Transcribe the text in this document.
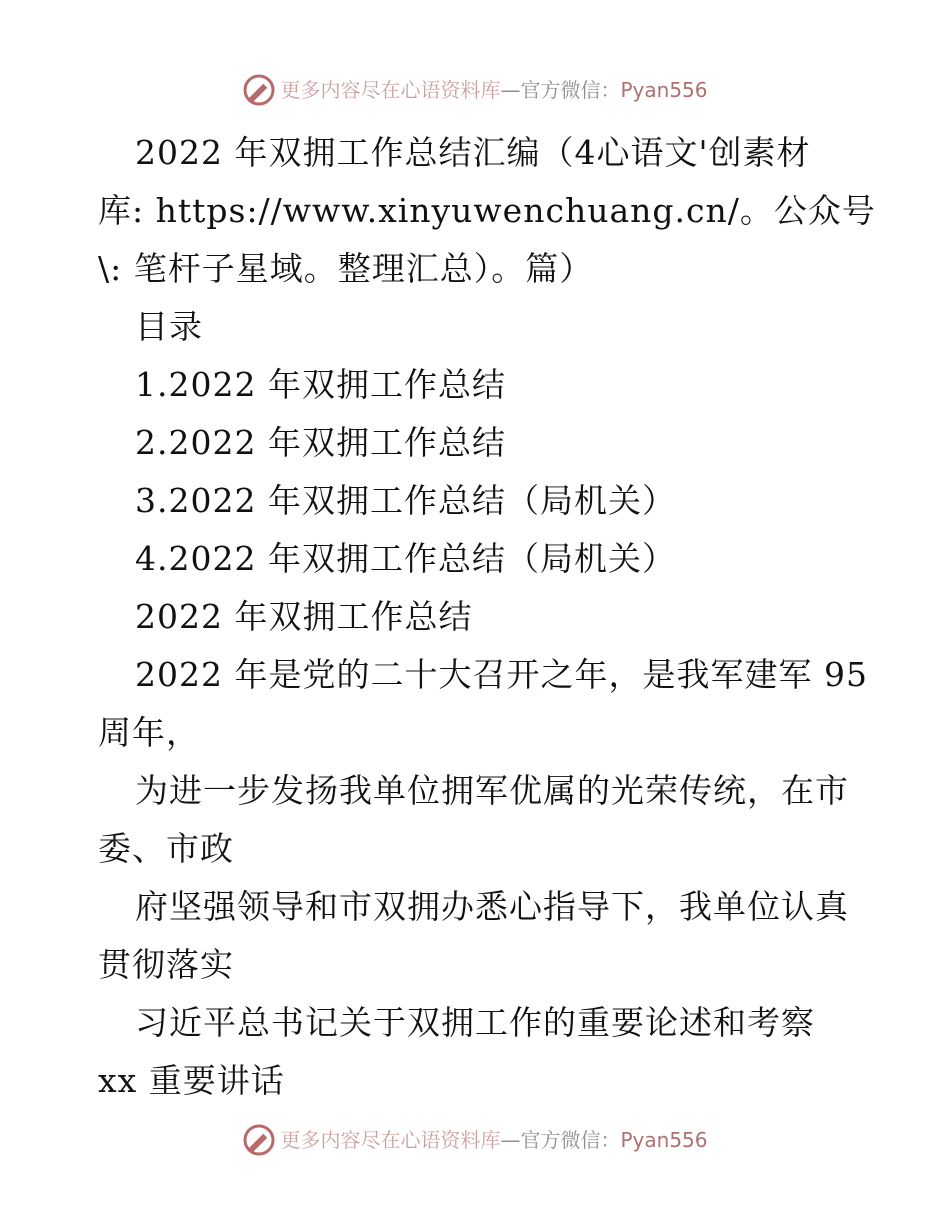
更多内容尽在心语资料库—官方微信：Pyan556
2022 年双拥工作总结汇编（4心语文'创素材
库: https://www.xinyuwenchuang.cn/。公众号
\: 笔杆子星域。整理汇总）。篇）
目录
1.2022 年双拥工作总结
2.2022 年双拥工作总结
3.2022 年双拥工作总结（局机关）
4.2022 年双拥工作总结（局机关）
2022 年双拥工作总结
2022 年是党的二十大召开之年，是我军建军 95
周年，
为进一步发扬我单位拥军优属的光荣传统，在市
委、市政
府坚强领导和市双拥办悉心指导下，我单位认真
贯彻落实
习近平总书记关于双拥工作的重要论述和考察
xx 重要讲话
更多内容尽在心语资料库—官方微信：Pyan556
